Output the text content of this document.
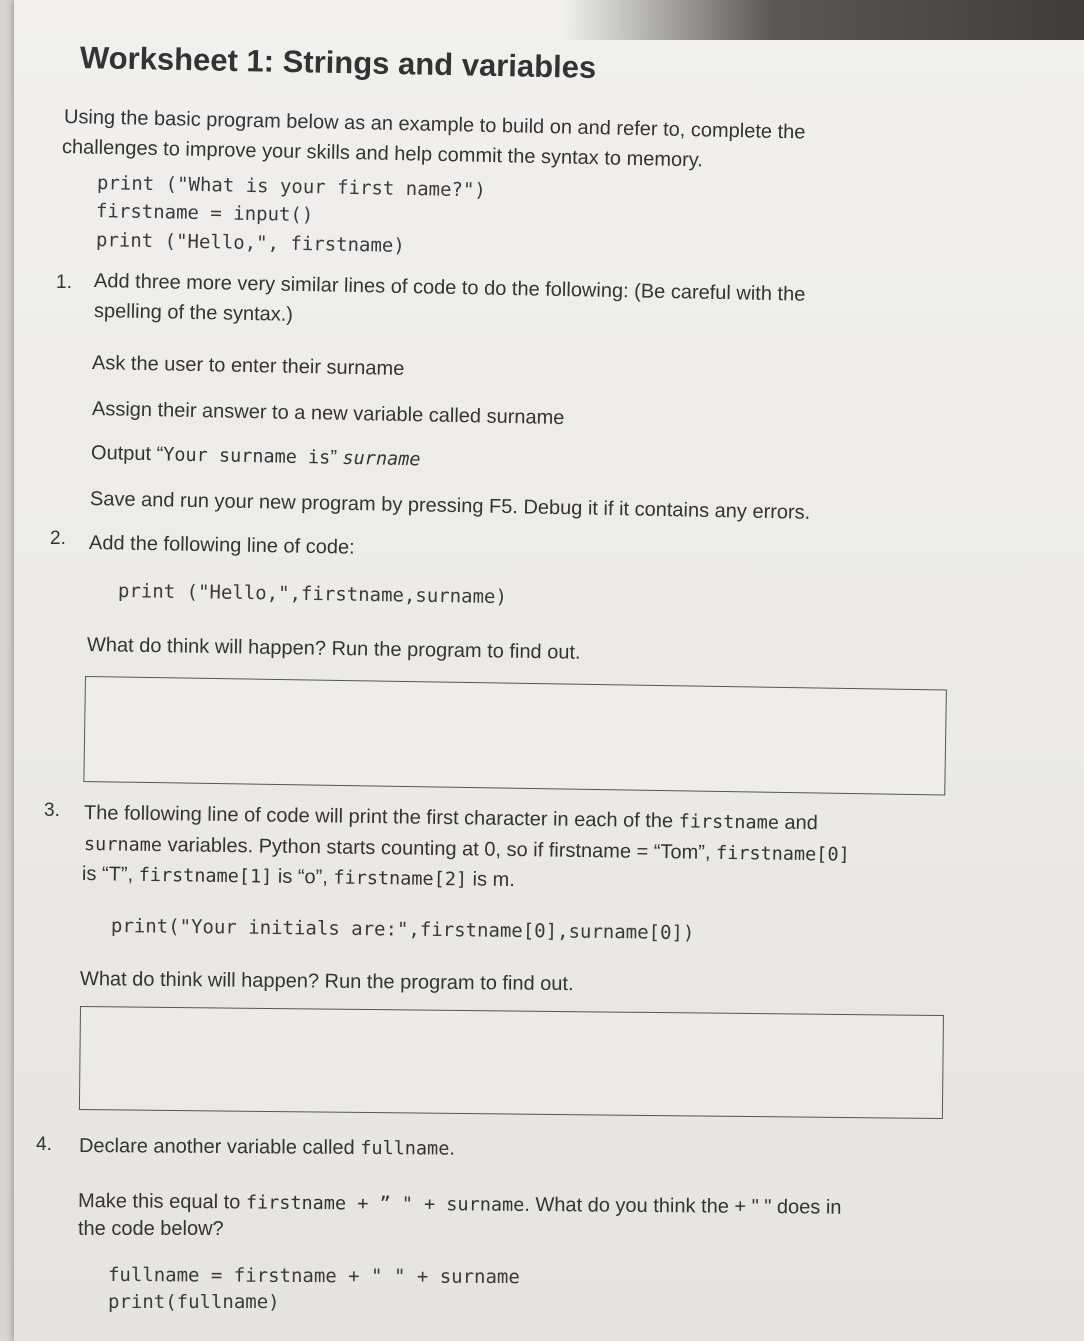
Worksheet 1: Strings and variables
Using the basic program below as an example to build on and refer to, complete the
challenges to improve your skills and help commit the syntax to memory.
print ("What is your first name?")
firstname = input()
print ("Hello,", firstname)
1. Add three more very similar lines of code to do the following: (Be careful with the
spelling of the syntax.)
Ask the user to enter their surname
Assign their answer to a new variable called surname
Output “Your surname is” surname
Save and run your new program by pressing F5. Debug it if it contains any errors.
2. Add the following line of code:
print ("Hello,",firstname,surname)
What do think will happen? Run the program to find out.
3. The following line of code will print the first character in each of the firstname and
surname variables. Python starts counting at 0, so if firstname = “Tom”, firstname[0]
is “T”, firstname[1] is “o”, firstname[2] is m.
print("Your initials are:",firstname[0],surname[0])
What do think will happen? Run the program to find out.
4. Declare another variable called fullname.
Make this equal to firstname + ” " + surname. What do you think the + " " does in
the code below?
fullname = firstname + " " + surname
print(fullname)
